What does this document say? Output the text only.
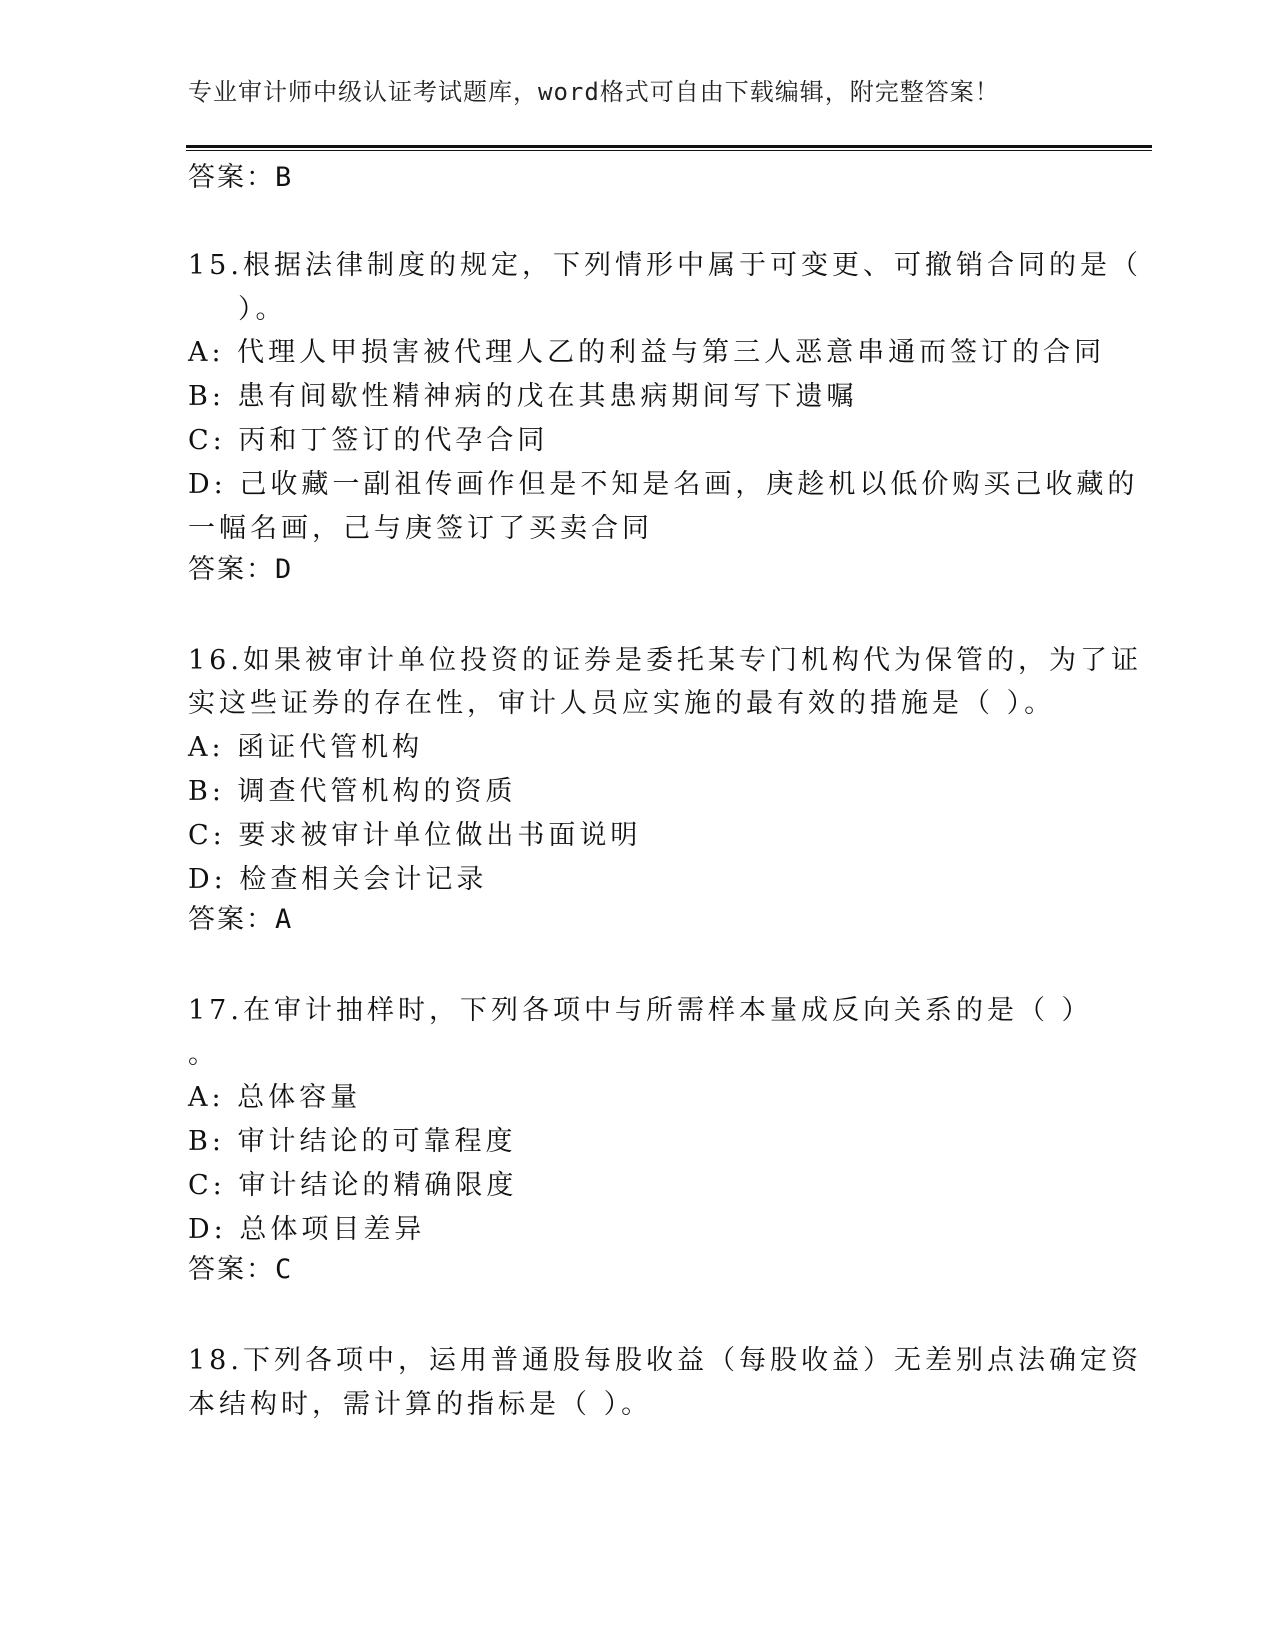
专业审计师中级认证考试题库，word格式可自由下载编辑，附完整答案！
答案：B
15.根据法律制度的规定，下列情形中属于可变更、可撤销合同的是（
）。
A: 代理人甲损害被代理人乙的利益与第三人恶意串通而签订的合同
B: 患有间歇性精神病的戊在其患病期间写下遗嘱
C: 丙和丁签订的代孕合同
D: 己收藏一副祖传画作但是不知是名画，庚趁机以低价购买己收藏的
一幅名画，己与庚签订了买卖合同
答案：D
16.如果被审计单位投资的证券是委托某专门机构代为保管的，为了证
实这些证券的存在性，审计人员应实施的最有效的措施是（ ）。
A: 函证代管机构
B: 调查代管机构的资质
C: 要求被审计单位做出书面说明
D: 检查相关会计记录
答案：A
17.在审计抽样时，下列各项中与所需样本量成反向关系的是（ ）
。
A: 总体容量
B: 审计结论的可靠程度
C: 审计结论的精确限度
D: 总体项目差异
答案：C
18.下列各项中，运用普通股每股收益（每股收益）无差别点法确定资
本结构时，需计算的指标是（ ）。
